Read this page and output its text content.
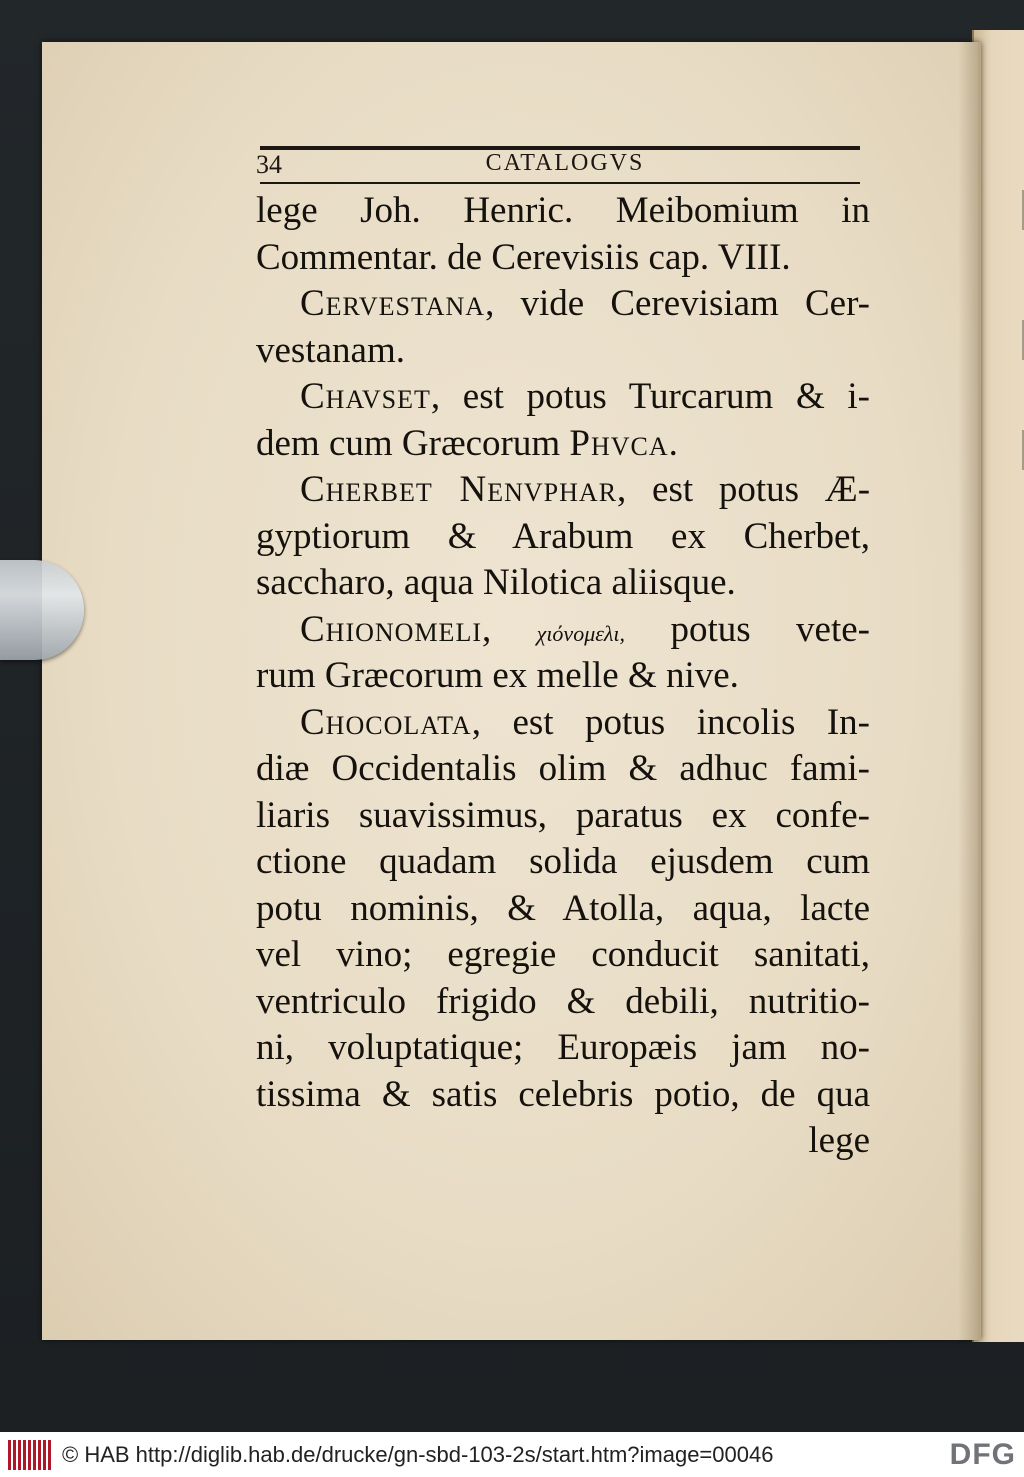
34	CATALOGVS
lege Joh. Henric. Meibomium in
Commentar. de Cerevisiis cap. VIII.
Cervestana, vide Cerevisiam Cer-
vestanam.
Chavset, est potus Turcarum & i-
dem cum Græcorum Phvca.
Cherbet Nenvphar, est potus Æ-
gyptiorum & Arabum ex Cherbet,
saccharo, aqua Nilotica aliisque.
Chionomeli, χιόνομελι, potus vete-
rum Græcorum ex melle & nive.
Chocolata, est potus incolis In-
diæ Occidentalis olim & adhuc fami-
liaris suavissimus, paratus ex confe-
ctione quadam solida ejusdem cum
potu nominis, & Atolla, aqua, lacte
vel vino; egregie conducit sanitati,
ventriculo frigido & debili, nutritio-
ni, voluptatique; Europæis jam no-
tissima & satis celebris potio, de qua
lege
© HAB http://diglib.hab.de/drucke/gn-sbd-103-2s/start.htm?image=00046	DFG
